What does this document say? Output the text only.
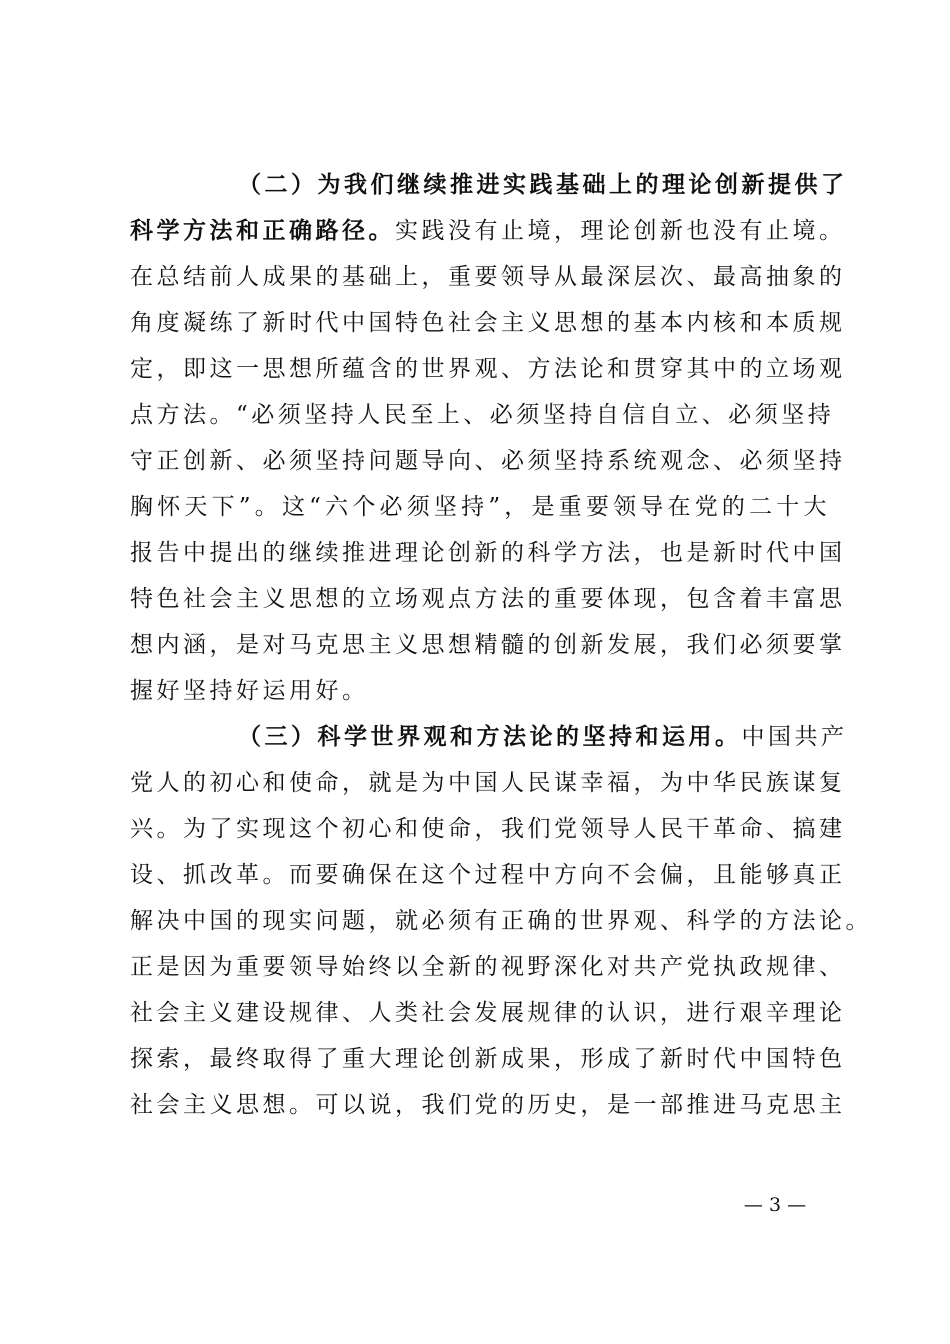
（二）为我们继续推进实践基础上的理论创新提供了
科学方法和正确路径。实践没有止境，理论创新也没有止境。
在总结前人成果的基础上，重要领导从最深层次、最高抽象的
角度凝练了新时代中国特色社会主义思想的基本内核和本质规
定，即这一思想所蕴含的世界观、方法论和贯穿其中的立场观
点方法。“必须坚持人民至上、必须坚持自信自立、必须坚持
守正创新、必须坚持问题导向、必须坚持系统观念、必须坚持
胸怀天下”。这“六个必须坚持”，是重要领导在党的二十大
报告中提出的继续推进理论创新的科学方法，也是新时代中国
特色社会主义思想的立场观点方法的重要体现，包含着丰富思
想内涵，是对马克思主义思想精髓的创新发展，我们必须要掌
握好坚持好运用好。
（三）科学世界观和方法论的坚持和运用。中国共产
党人的初心和使命，就是为中国人民谋幸福，为中华民族谋复
兴。为了实现这个初心和使命，我们党领导人民干革命、搞建
设、抓改革。而要确保在这个过程中方向不会偏，且能够真正
解决中国的现实问题，就必须有正确的世界观、科学的方法论。
正是因为重要领导始终以全新的视野深化对共产党执政规律、
社会主义建设规律、人类社会发展规律的认识，进行艰辛理论
探索，最终取得了重大理论创新成果，形成了新时代中国特色
社会主义思想。可以说，我们党的历史，是一部推进马克思主
— 3 —
